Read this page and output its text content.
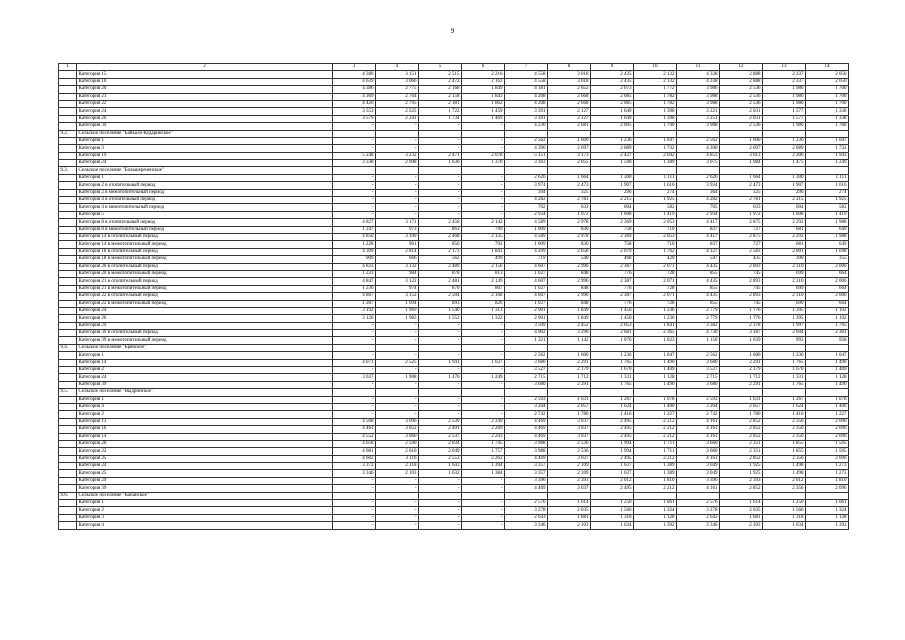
9
1	2	3	4	5	6	7	8	9	10	11	12	13	14
	Категория 15	4 380	3 151	2 515	2 216	4 558	3 018	2 435	2 132	4 338	2 888	2 337	2 050
	Категория 16	4 639	3 066	2 472	2 163	4 558	3 018	2 435	2 132	4 338	2 888	2 337	2 050
	Категория 20	4 386	2 775	2 168	1 849	4 181	2 652	2 073	1 772	3 986	2 536	1 986	1 700
	Категория 21	4 369	2 764	2 158	1 843	4 208	2 668	2 085	1 782	3 988	2 536	1 986	1 700
	Категория 22	4 420	2 795	2 181	1 862	4 208	2 668	2 085	1 782	3 988	2 536	1 986	1 700
	Категория 24	3 553	2 225	1 722	1 459	3 391	2 127	1 649	1 398	3 221	2 031	1 577	1 338
	Категория 26	3 579	2 241	1 734	1 469	3 391	2 127	1 649	1 398	3 251	2 031	1 577	1 338
	Категория 39	-	-	-	-	4 230	2 681	2 095	1 790	3 988	2 536	1 986	1 700
9.2.	Сельское поселение "Байкало-Кударинское"												
	Категория 1	-	-	-	-	2 562	1 600	1 236	1 047	2 562	1 600	1 236	1 047
	Категория 3	-	-	-	-	4 396	2 697	2 089	1 732	4 390	2 697	2 089	1 732
	Категория 19	5 248	3 232	2 471	2 078	5 151	3 173	2 427	2 042	4 853	3 013	2 306	1 943
	Категория 24	3 338	2 098	1 630	1 370	3 303	2 055	1 590	1 389	3 075	1 984	1 475	1 249
9.3.	Сельское поселение "Большереченское"												
	Категория 1	-	-	-	-	2 626	1 664	1 300	1 111	2 626	1 664	1 300	1 111
	Категория 2 в отопительный период	-	-	-	-	3 974	2 473	1 907	1 616	3 934	2 473	1 907	1 616
	Категория 2 в межотопительный период	-	-	-	-	394	325	296	274	364	325	296	274
	Категория 4 в отопительный период	-	-	-	-	4 282	2 781	2 215	1 925	4 282	2 781	2 215	1 925
	Категория 4 в межотопительный период	-	-	-	-	702	633	604	582	705	633	604	582
	Категория 5	-	-	-	-	2 934	1 972	1 608	1 419	2 934	1 972	1 608	1 419
	Категория 8 в отопительный период	4 827	3 171	2 458	2 142	4 589	2 978	2 369	2 053	4 417	2 875	2 292	1 988
	Категория 8 в межотопительный период	1 247	973	863	799	1 009	830	758	710	837	727	681	649
	Категория 14 в отопительный период	4 850	3 109	2 468	2 135	4 589	2 978	2 369	2 053	4 417	2 875	2 292	1 988
	Категория 14 в межотопительный период	1 228	961	856	792	1 009	830	758	710	837	727	681	649
	Категория 18 в отопительный период	4 309	2 814	2 173	1 841	4 209	2 658	2 079	1 762	4 127	2 583	2 001	1 698
	Категория 18 в межотопительный период	909	666	562	499	719	540	468	420	547	435	390	355
	Категория 20 в отопительный период	4 833	3 132	2 489	2 156	4 607	2 996	2 387	2 071	4 435	2 893	2 310	2 006
	Категория 20 в межотопительный период	1 233	984	878	813	1 027	848	776	728	855	745	699	664
	Категория 21 в отопительный период	4 847	3 122	2 481	2 149	4 607	2 996	2 387	2 071	4 435	2 893	2 310	2 006
	Категория 21 в межотопительный период	1 236	974	870	807	1 027	848	776	728	855	745	699	664
	Категория 22 в отопительный период	4 867	3 152	2 504	2 168	4 607	2 996	2 387	2 071	4 435	2 893	2 310	2 006
	Категория 22 в межотопительный период	1 287	1 094	893	826	1 027	848	776	728	855	745	699	664
	Категория 24	3 192	1 969	1 540	1 313	2 901	1 849	1 450	1 236	2 779	1 776	1 395	1 192
	Категория 26	3 126	1 983	1 552	1 322	2 901	1 849	1 450	1 236	2 779	1 776	1 395	1 192
	Категория 29	-	-	-	-	3 509	2 452	2 053	1 841	3 382	2 378	1 997	1 795
	Категория 39 в отопительный период	-	-	-	-	4 902	3 290	2 681	2 365	4 730	3 187	2 604	2 301
	Категория 39 в межотопительный период	-	-	-	-	1 321	1 142	1 070	1 023	1 150	1 039	993	958
9.4.	Сельское поселение "Брянское"												
	Категория 1	-	-	-	-	2 562	1 600	1 236	1 047	2 562	1 600	1 236	1 047
	Категория 14	4 071	2 525	1 941	1 637	3 680	2 291	1 765	1 490	3 680	2 291	1 765	1 490
	Категория 2	-	-	-	-	3 527	2 179	1 670	1 409	3 527	2 179	1 670	1 409
	Категория 24	3 037	1 908	1 476	1 249	2 715	1 712	1 331	1 128	2 715	1 712	1 331	1 128
	Категория 39	-	-	-	-	3 680	2 291	1 765	1 490	3 680	2 291	1 765	1 490
9.5.	Сельское поселение "Выдринское"												
	Категория 1	-	-	-	-	2 593	1 631	1 267	1 078	2 593	1 631	1 267	1 078
	Категория 4	-	-	-	-	3 204	2 057	1 624	1 400	3 204	2 057	1 624	1 400
	Категория 2	-	-	-	-	2 742	1 780	1 416	1 227	2 742	1 780	1 416	1 227
	Категория 13	4 568	3 096	2 539	2 249	4 469	3 037	2 495	2 212	4 161	2 852	2 356	2 096
	Категория 16	4 461	3 052	2 491	2 209	4 469	3 037	2 495	2 212	4 161	2 852	2 356	2 096
	Категория 14	4 552	3 060	2 537	2 243	4 469	3 037	2 495	2 212	4 161	2 852	2 356	2 096
	Категория 20	4 058	2 590	2 034	1 745	3 988	2 536	1 994	1 711	3 660	2 351	1 855	1 595
	Категория 22	4 081	2 610	2 049	1 757	3 988	2 536	1 994	1 711	3 660	2 351	1 855	1 595
	Категория 25	4 602	3 116	2 553	2 262	4 469	3 037	2 495	2 212	4 161	2 852	2 356	2 096
	Категория 24	3 372	2 118	1 643	1 394	3 357	2 109	1 637	1 389	3 049	1 925	1 498	1 273
	Категория 25	3 346	2 103	1 632	1 384	3 357	2 109	1 637	1 389	3 049	1 925	1 498	1 273
	Категория 29	-	-	-	-	3 396	2 393	2 012	1 810	3 396	2 393	2 012	1 810
	Категория 39	-	-	-	-	4 469	3 037	2 495	2 212	4 161	2 852	2 356	2 096
9.6.	Сельское поселение "Кабанское"												
	Категория 1	-	-	-	-	2 576	1 614	1 250	1 061	2 576	1 614	1 250	1 061
	Категория 2	-	-	-	-	3 278	2 035	1 566	1 324	3 278	2 035	1 566	1 324
	Категория 3	-	-	-	-	2 643	1 681	1 318	1 128	2 643	1 681	1 318	1 128
	Категория 4	-	-	-	-	3 346	2 103	1 634	1 392	3 346	2 103	1 634	1 392
